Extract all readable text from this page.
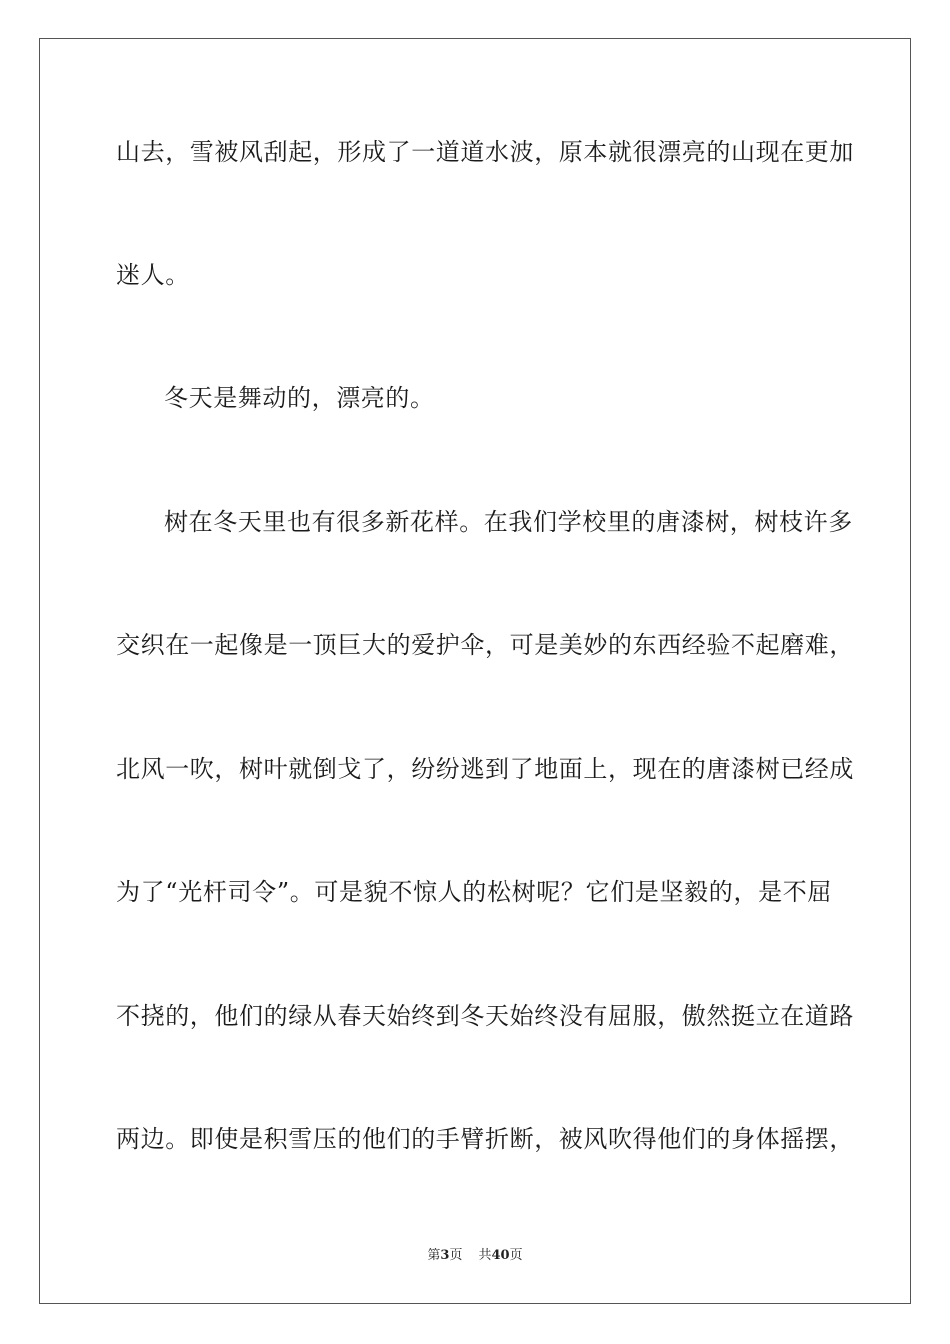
山去，雪被风刮起，形成了一道道水波，原本就很漂亮的山现在更加
迷人。
冬天是舞动的，漂亮的。
树在冬天里也有很多新花样。在我们学校里的唐漆树，树枝许多
交织在一起像是一顶巨大的爱护伞，可是美妙的东西经验不起磨难，
北风一吹，树叶就倒戈了，纷纷逃到了地面上，现在的唐漆树已经成
为了“光杆司令”。可是貌不惊人的松树呢？它们是坚毅的，是不屈
不挠的，他们的绿从春天始终到冬天始终没有屈服，傲然挺立在道路
两边。即使是积雪压的他们的手臂折断，被风吹得他们的身体摇摆，
第3页 共40页
